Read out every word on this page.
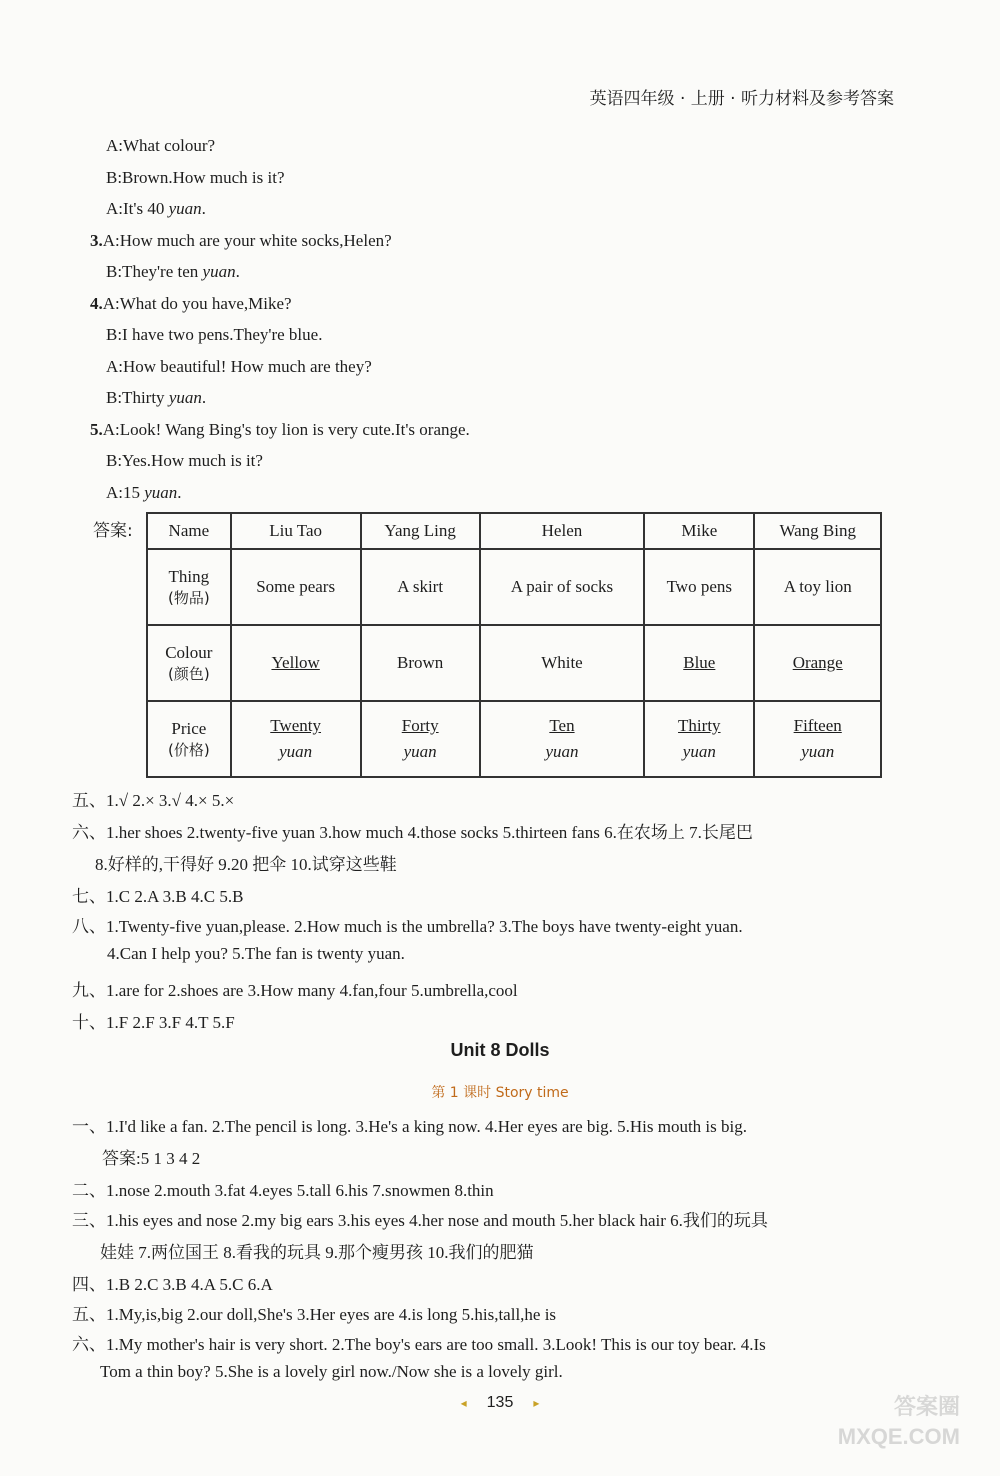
英语四年级 · 上册 · 听力材料及参考答案
A:What colour?
B:Brown.How much is it?
A:It's 40 yuan.
3.A:How much are your white socks,Helen?
B:They're ten yuan.
4.A:What do you have,Mike?
B:I have two pens.They're blue.
A:How beautiful! How much are they?
B:Thirty yuan.
5.A:Look! Wang Bing's toy lion is very cute.It's orange.
B:Yes.How much is it?
A:15 yuan.
答案: Name	Liu Tao	Yang Ling	Helen	Mike	Wang Bing
Thing
(物品)	Some pears	A skirt	A pair of socks	Two pens	A toy lion
Colour
(颜色)	Yellow	Brown	White	Blue	Orange
Price
(价格)	Twenty
yuan	Forty
yuan	Ten
yuan	Thirty
yuan	Fifteen
yuan
五、1.√ 2.× 3.√ 4.× 5.×
六、1.her shoes 2.twenty-five yuan 3.how much 4.those socks 5.thirteen fans 6.在农场上 7.长尾巴
8.好样的,干得好 9.20 把伞 10.试穿这些鞋
七、1.C 2.A 3.B 4.C 5.B
八、1.Twenty-five yuan,please. 2.How much is the umbrella? 3.The boys have twenty-eight yuan.
4.Can I help you? 5.The fan is twenty yuan.
九、1.are for 2.shoes are 3.How many 4.fan,four 5.umbrella,cool
十、1.F 2.F 3.F 4.T 5.F
Unit 8 Dolls
第 1 课时 Story time
一、1.I'd like a fan. 2.The pencil is long. 3.He's a king now. 4.Her eyes are big. 5.His mouth is big.
答案:5 1 3 4 2
二、1.nose 2.mouth 3.fat 4.eyes 5.tall 6.his 7.snowmen 8.thin
三、1.his eyes and nose 2.my big ears 3.his eyes 4.her nose and mouth 5.her black hair 6.我们的玩具
娃娃 7.两位国王 8.看我的玩具 9.那个瘦男孩 10.我们的肥猫
四、1.B 2.C 3.B 4.A 5.C 6.A
五、1.My,is,big 2.our doll,She's 3.Her eyes are 4.is long 5.his,tall,he is
六、1.My mother's hair is very short. 2.The boy's ears are too small. 3.Look! This is our toy bear. 4.Is
Tom a thin boy? 5.She is a lovely girl now./Now she is a lovely girl.
◂ 135 ▸	答案圈 MXQE.COM
